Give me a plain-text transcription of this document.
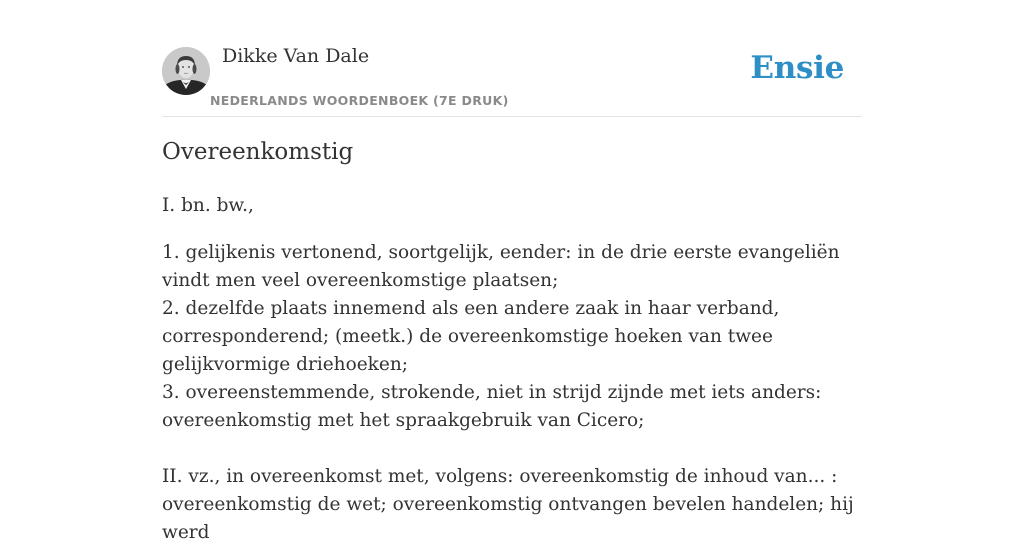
Dikke Van Dale
NEDERLANDS WOORDENBOEK (7E DRUK)
Ensie
Overeenkomstig

I. bn. bw.,

1. gelijkenis vertonend, soortgelijk, eender: in de drie eerste evangeliën vindt men veel overeenkomstige plaatsen;

2. dezelfde plaats innemend als een andere zaak in haar verband, corresponderend; (meetk.) de overeenkomstige hoeken van twee gelijkvormige driehoeken;

3. overeenstemmende, strokende, niet in strijd zijnde met iets anders: overeenkomstig met het spraakgebruik van Cicero;

II. vz., in overeenkomst met, volgens: overeenkomstig de inhoud van... : overeenkomstig de wet; overeenkomstig ontvangen bevelen handelen; hij werd
